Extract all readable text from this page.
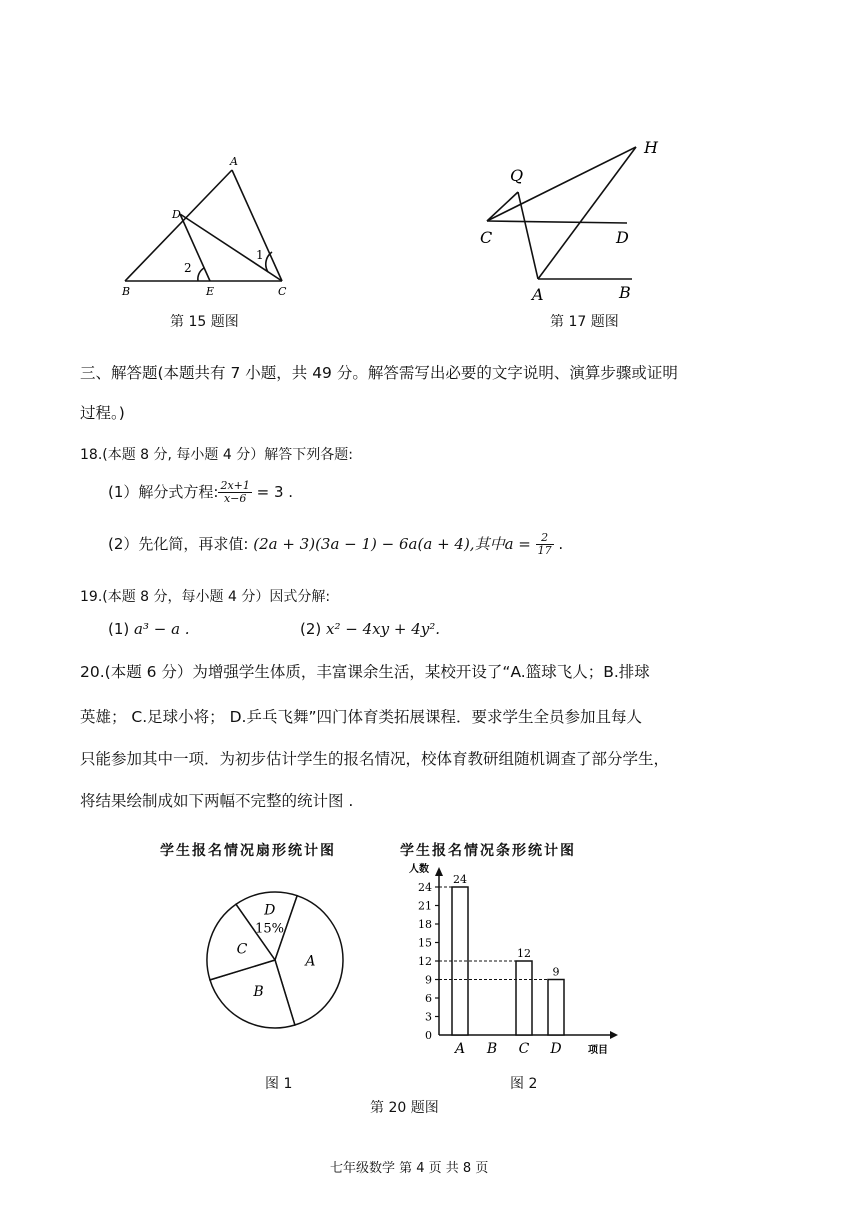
A
D
B	E	C
1
2
第 15 题图
H
Q
C	D
A	B
第 17 题图
三、解答题(本题共有 7 小题，共 49 分。解答需写出必要的文字说明、演算步骤或证明
过程。)
18.(本题 8 分, 每小题 4 分）解答下列各题:
(1）解分式方程: $\frac{2x+1}{x-6} = 3$ .
(2）先化简，再求值: (2a + 3)(3a − 1) − 6a(a + 4),其中$a = \frac{2}{17}$ .
19.(本题 8 分，每小题 4 分）因式分解:
(1) a³ − a .	(2) x² − 4xy + 4y².
20.(本题 6 分）为增强学生体质，丰富课余生活，某校开设了“A.篮球飞人；B.排球
英雄； C.足球小将； D.乒乓飞舞”四门体育类拓展课程．要求学生全员参加且每人
只能参加其中一项．为初步估计学生的报名情况，校体育教研组随机调查了部分学生，
将结果绘制成如下两幅不完整的统计图 .
学生报名情况扇形统计图	学生报名情况条形统计图
D
15%
A
B
C
图 1
人数
项目
0
3
6
9
12
15
18
21
24
24
A B
12
C
9
D
图 2
第 20 题图
七年级数学 第 4 页 共 8 页
